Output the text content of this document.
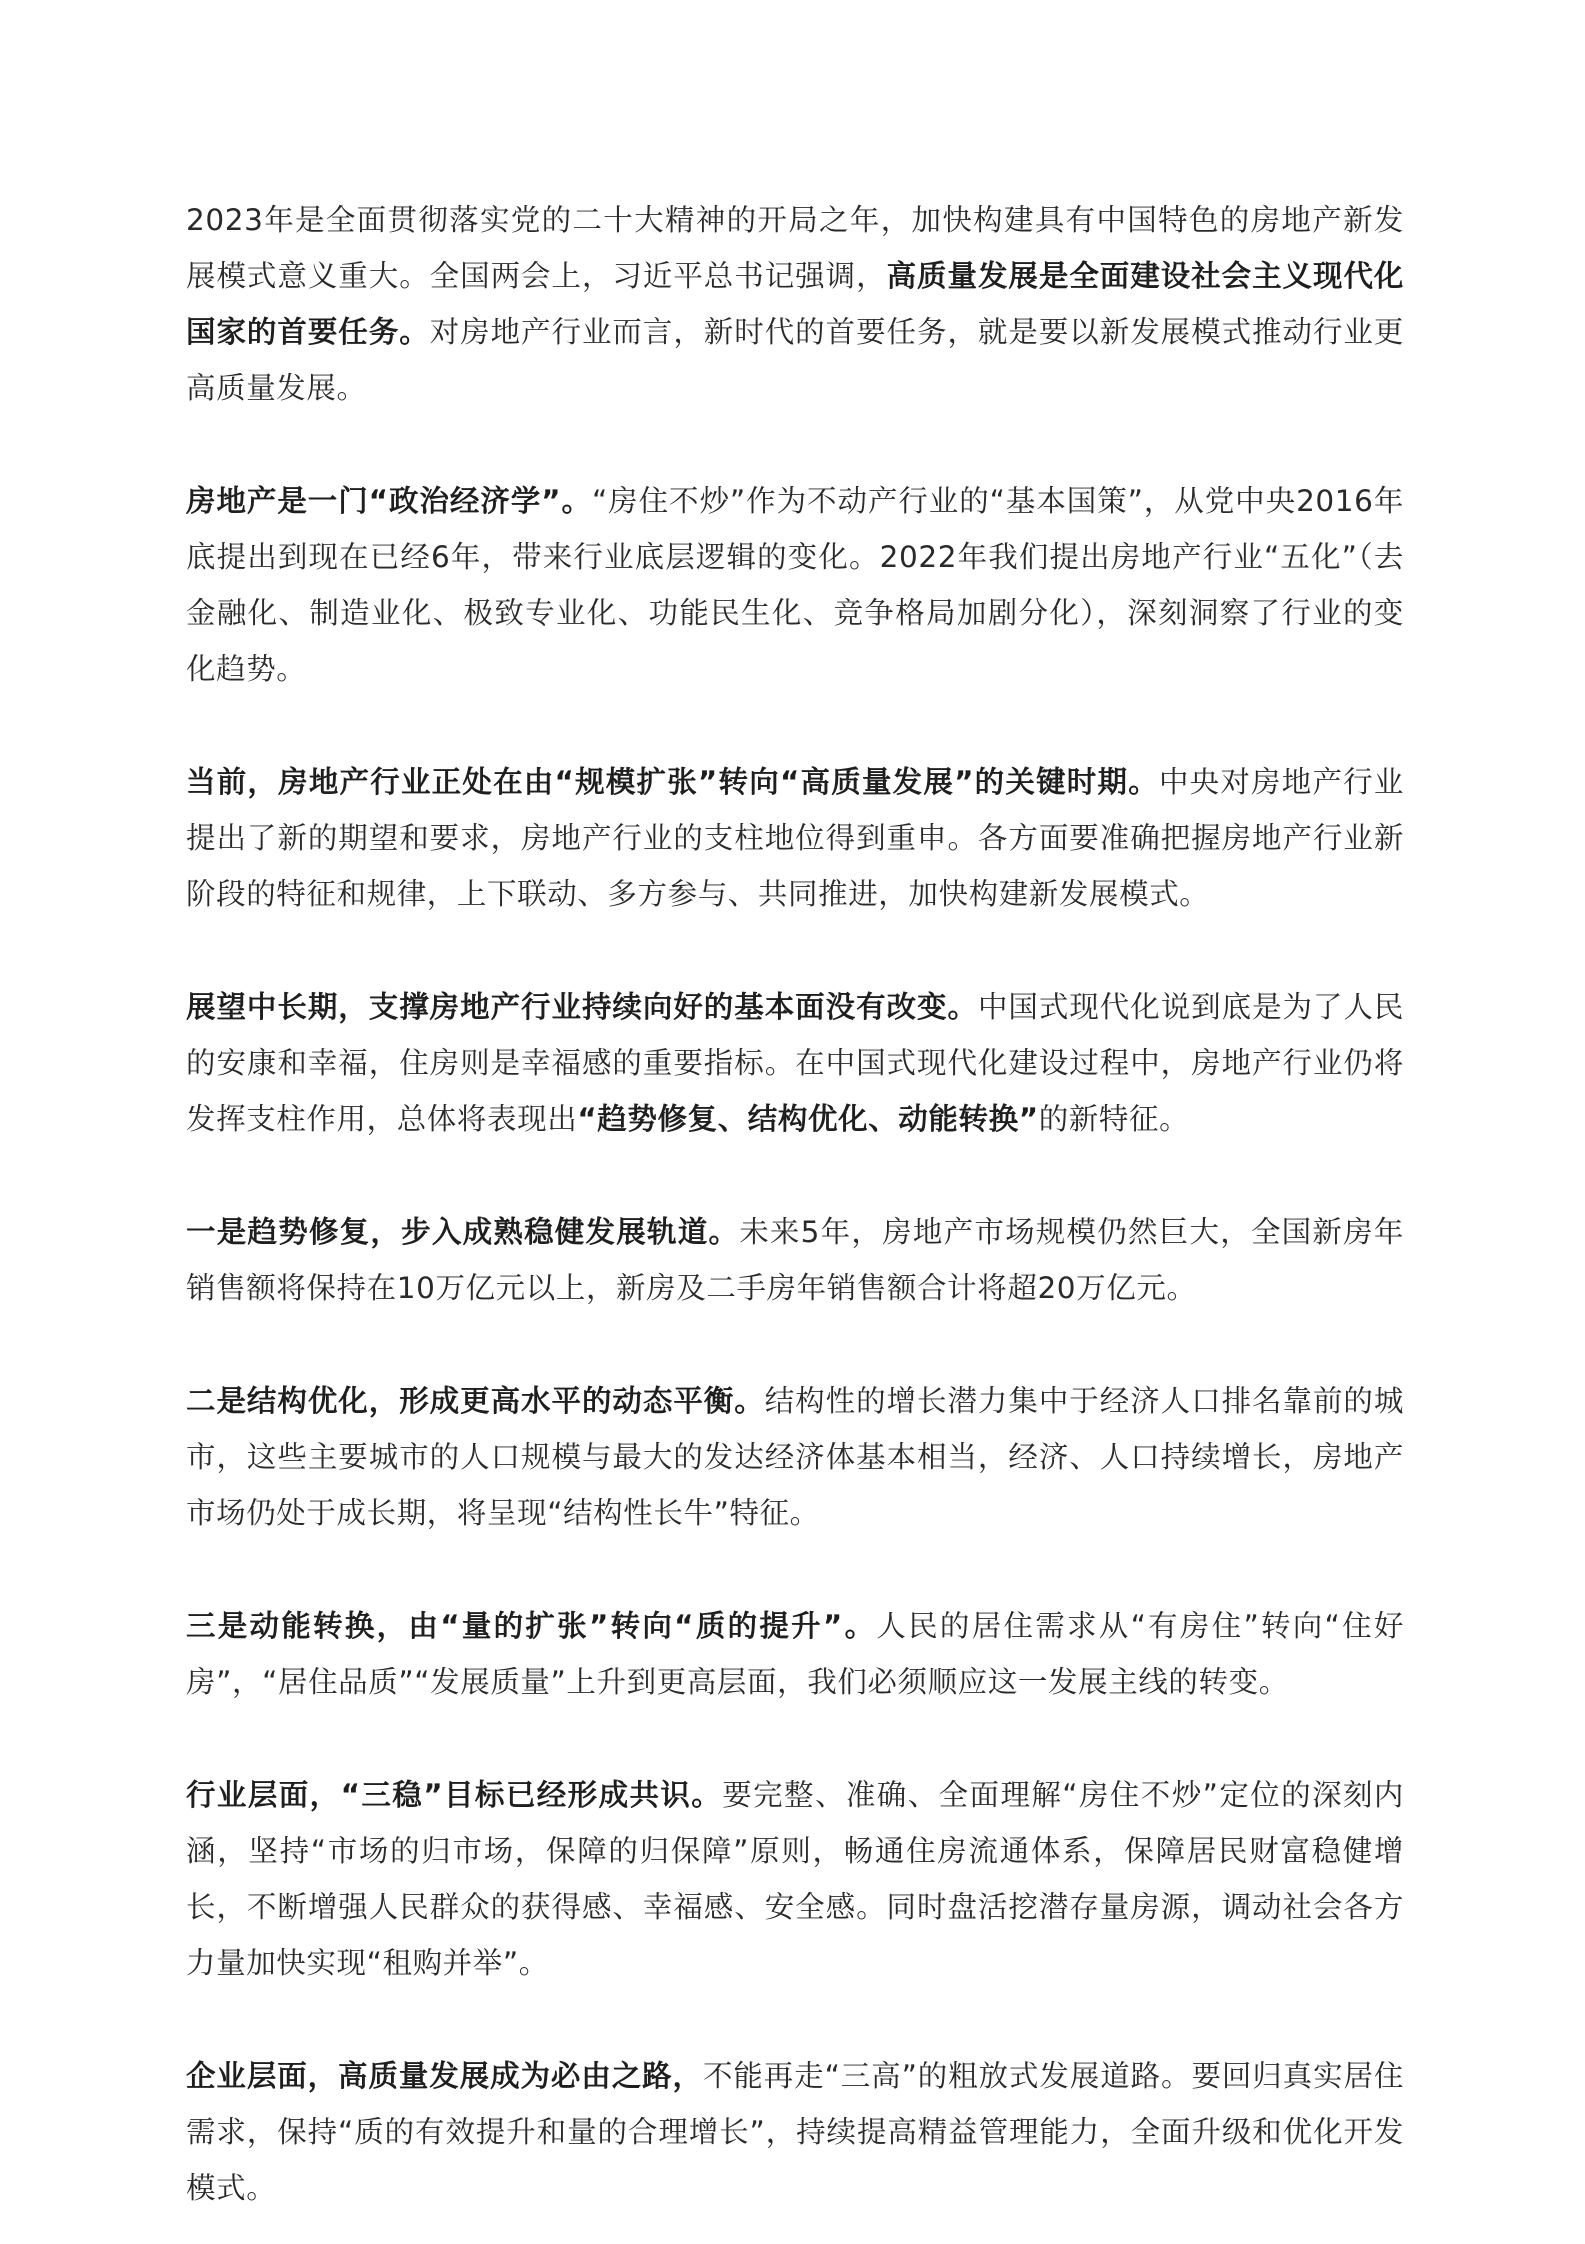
2023年是全面贯彻落实党的二十大精神的开局之年，加快构建具有中国特色的房地产新发展模式意义重大。全国两会上，习近平总书记强调，高质量发展是全面建设社会主义现代化国家的首要任务。对房地产行业而言，新时代的首要任务，就是要以新发展模式推动行业更高质量发展。

房地产是一门“政治经济学”。“房住不炒”作为不动产行业的“基本国策”，从党中央2016年底提出到现在已经6年，带来行业底层逻辑的变化。2022年我们提出房地产行业“五化”（去金融化、制造业化、极致专业化、功能民生化、竞争格局加剧分化），深刻洞察了行业的变化趋势。

当前，房地产行业正处在由“规模扩张”转向“高质量发展”的关键时期。中央对房地产行业提出了新的期望和要求，房地产行业的支柱地位得到重申。各方面要准确把握房地产行业新阶段的特征和规律，上下联动、多方参与、共同推进，加快构建新发展模式。

展望中长期，支撑房地产行业持续向好的基本面没有改变。中国式现代化说到底是为了人民的安康和幸福，住房则是幸福感的重要指标。在中国式现代化建设过程中，房地产行业仍将发挥支柱作用，总体将表现出“趋势修复、结构优化、动能转换”的新特征。

一是趋势修复，步入成熟稳健发展轨道。未来5年，房地产市场规模仍然巨大，全国新房年销售额将保持在10万亿元以上，新房及二手房年销售额合计将超20万亿元。

二是结构优化，形成更高水平的动态平衡。结构性的增长潜力集中于经济人口排名靠前的城市，这些主要城市的人口规模与最大的发达经济体基本相当，经济、人口持续增长，房地产市场仍处于成长期，将呈现“结构性长牛”特征。

三是动能转换，由“量的扩张”转向“质的提升”。人民的居住需求从“有房住”转向“住好房”，“居住品质”“发展质量”上升到更高层面，我们必须顺应这一发展主线的转变。

行业层面，“三稳”目标已经形成共识。要完整、准确、全面理解“房住不炒”定位的深刻内涵，坚持“市场的归市场，保障的归保障”原则，畅通住房流通体系，保障居民财富稳健增长，不断增强人民群众的获得感、幸福感、安全感。同时盘活挖潜存量房源，调动社会各方力量加快实现“租购并举”。

企业层面，高质量发展成为必由之路，不能再走“三高”的粗放式发展道路。要回归真实居住需求，保持“质的有效提升和量的合理增长”，持续提高精益管理能力，全面升级和优化开发模式。
